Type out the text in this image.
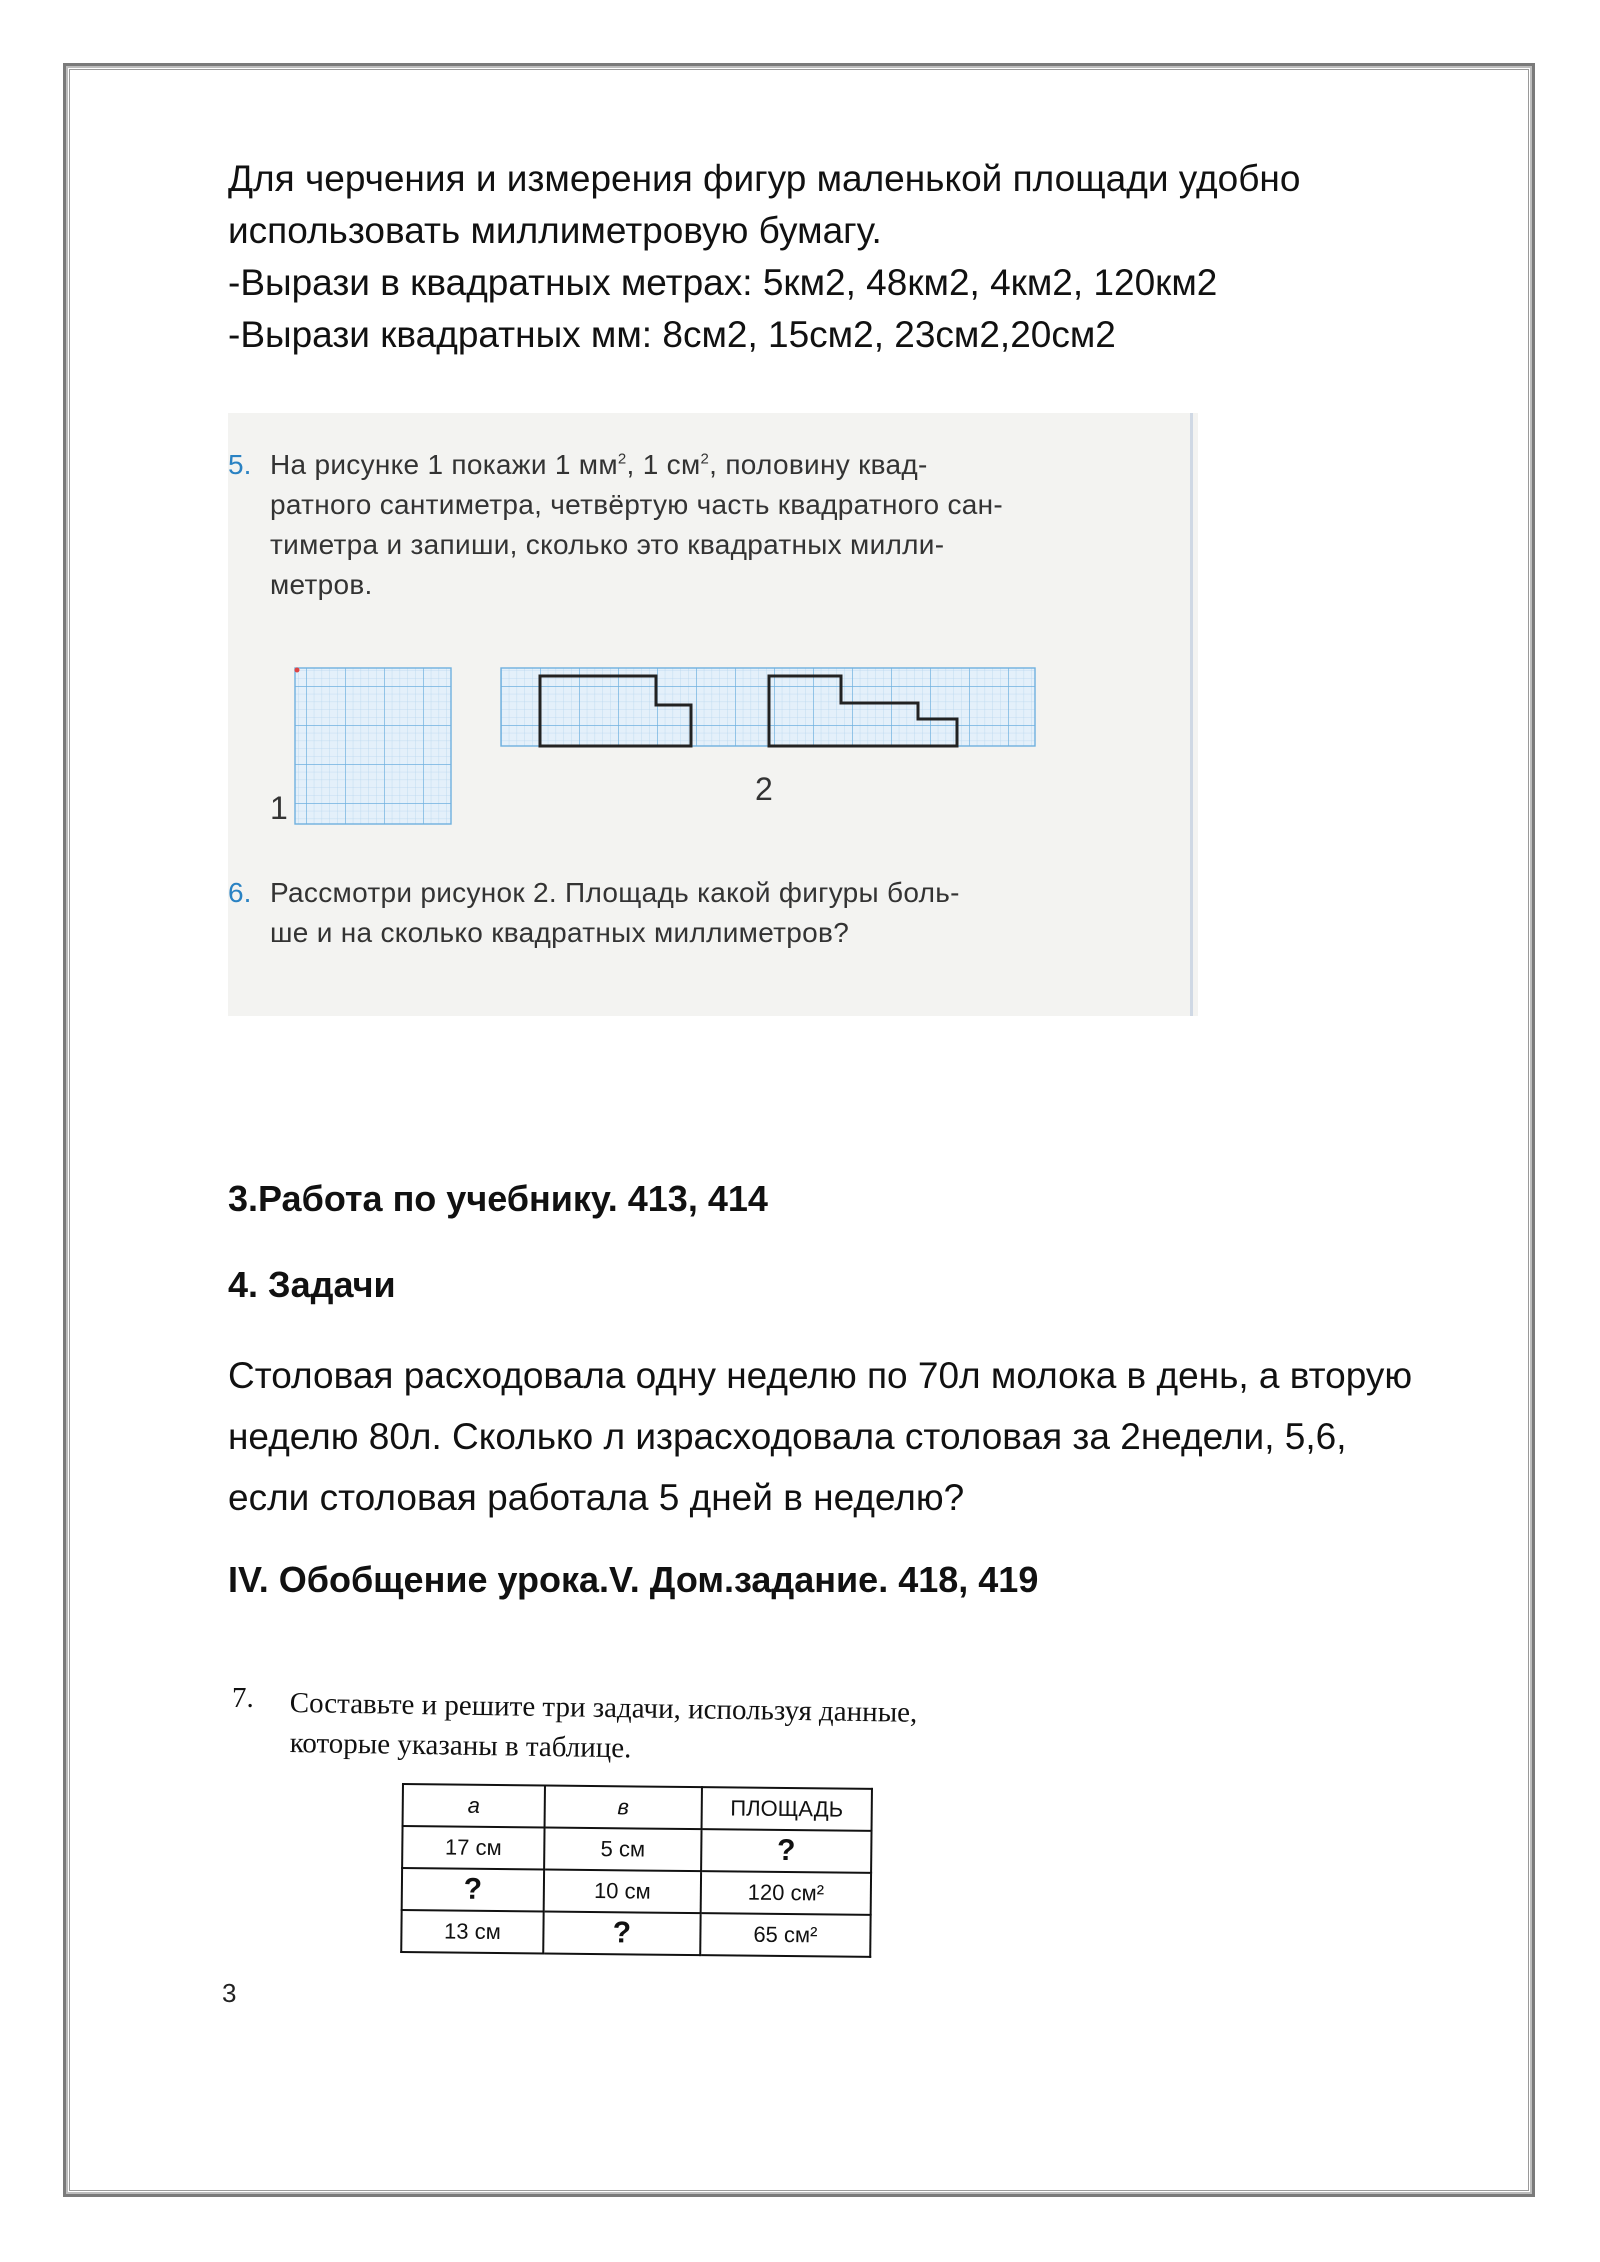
Для черчения и измерения фигур маленькой площади удобно
использовать миллиметровую бумагу.
-Вырази в квадратных метрах: 5км2, 48км2, 4км2, 120км2
-Вырази квадратных мм: 8см2, 15см2, 23см2,20см2
5. На рисунке 1 покажи 1 $мм^2$, 1 $см^2$, половину квад-
ратного сантиметра, четвёртую часть квадратного сан-
тиметра и запиши, сколько это квадратных милли-
метров.
1
2
6. Рассмотри рисунок 2. Площадь какой фигуры боль-
ше и на сколько квадратных миллиметров?
3.Работа по учебнику. 413, 414
4. Задачи
Столовая расходовала одну неделю по 70л молока в день, а вторую
неделю 80л. Сколько л израсходовала столовая за 2недели, 5,6,
если столовая работала 5 дней в неделю?
IV. Обобщение урока.V. Дом.задание. 418, 419
7. Составьте и решите три задачи, используя данные,
которые указаны в таблице.
а	в	ПЛОЩАДЬ
17 см	5 см	?
?	10 см	120 см²
13 см	?	65 см²
3
